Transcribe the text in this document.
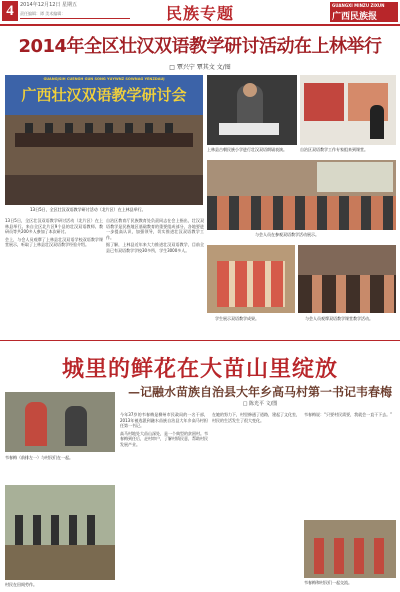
4	2014年12月12日 星期五
责任编辑：谭 美术编辑：	民族专题	GUANGXI MINZU ZIXUN
广西民族报
2014年全区壮汉双语教学研讨活动在上林举行
□ 覃兴宁 覃其文 文/图
GUANGJSIH CUENGH GUN SONG YUYWNZ SOWNAG YENZDAUJ
广西壮汉双语教学研讨会
13日5日，全区壮汉双语教学研讨活动（北片区）在上林县举行。
上林县古朝民族小学进行壮汉双语朗诵表演。	自治区双语教学工作专家组来到课堂。
与会人员在参观双语教学活动展示。
学生展示双语教学成果。	与会人员观摩双语教学课堂教学活动。

13日5日，全区壮汉双语教学研讨活动（北片区）在上林县举行。来自全区北片区9个县的壮汉双语教师、教研员等共200多人参加了本次研讨。

会上，与会人员观摩了上林县壮汉双语学校双语教学课堂展示，听取了上林县壮汉双语教学经验介绍。

自治区教育厅民族教育处负责同志在会上指出，壮汉双语教学是民族地区基础教育的重要组成部分，各地要进一步提高认识，加强领导，切实推进壮汉双语教学工作。

据了解，上林县近年来大力推进壮汉双语教学，目前全县已有双语教学学校30多所，学生3000多人。

城里的鲜花在大苗山里绽放
—记融水苗族自治县大年乡高马村第一书记韦春梅
□ 陈光平 文/图
韦春梅（前排左一）与村民们在一起。
村民在田间劳作。

今年37岁的韦春梅是柳州市民政局的一名干部，2013年被选派到融水苗族自治县大年乡高马村担任第一书记。

高马村地处大苗山深处，是一个典型的贫困村。韦春梅到任后，走村串户，了解村情民意，帮助村民发展产业。

在她的努力下，村里修通了道路，建起了文化室，村民的生活发生了很大变化。

韦春梅说：“只要村民需要，我就会一直干下去。”

韦春梅和村民们一起交流。
